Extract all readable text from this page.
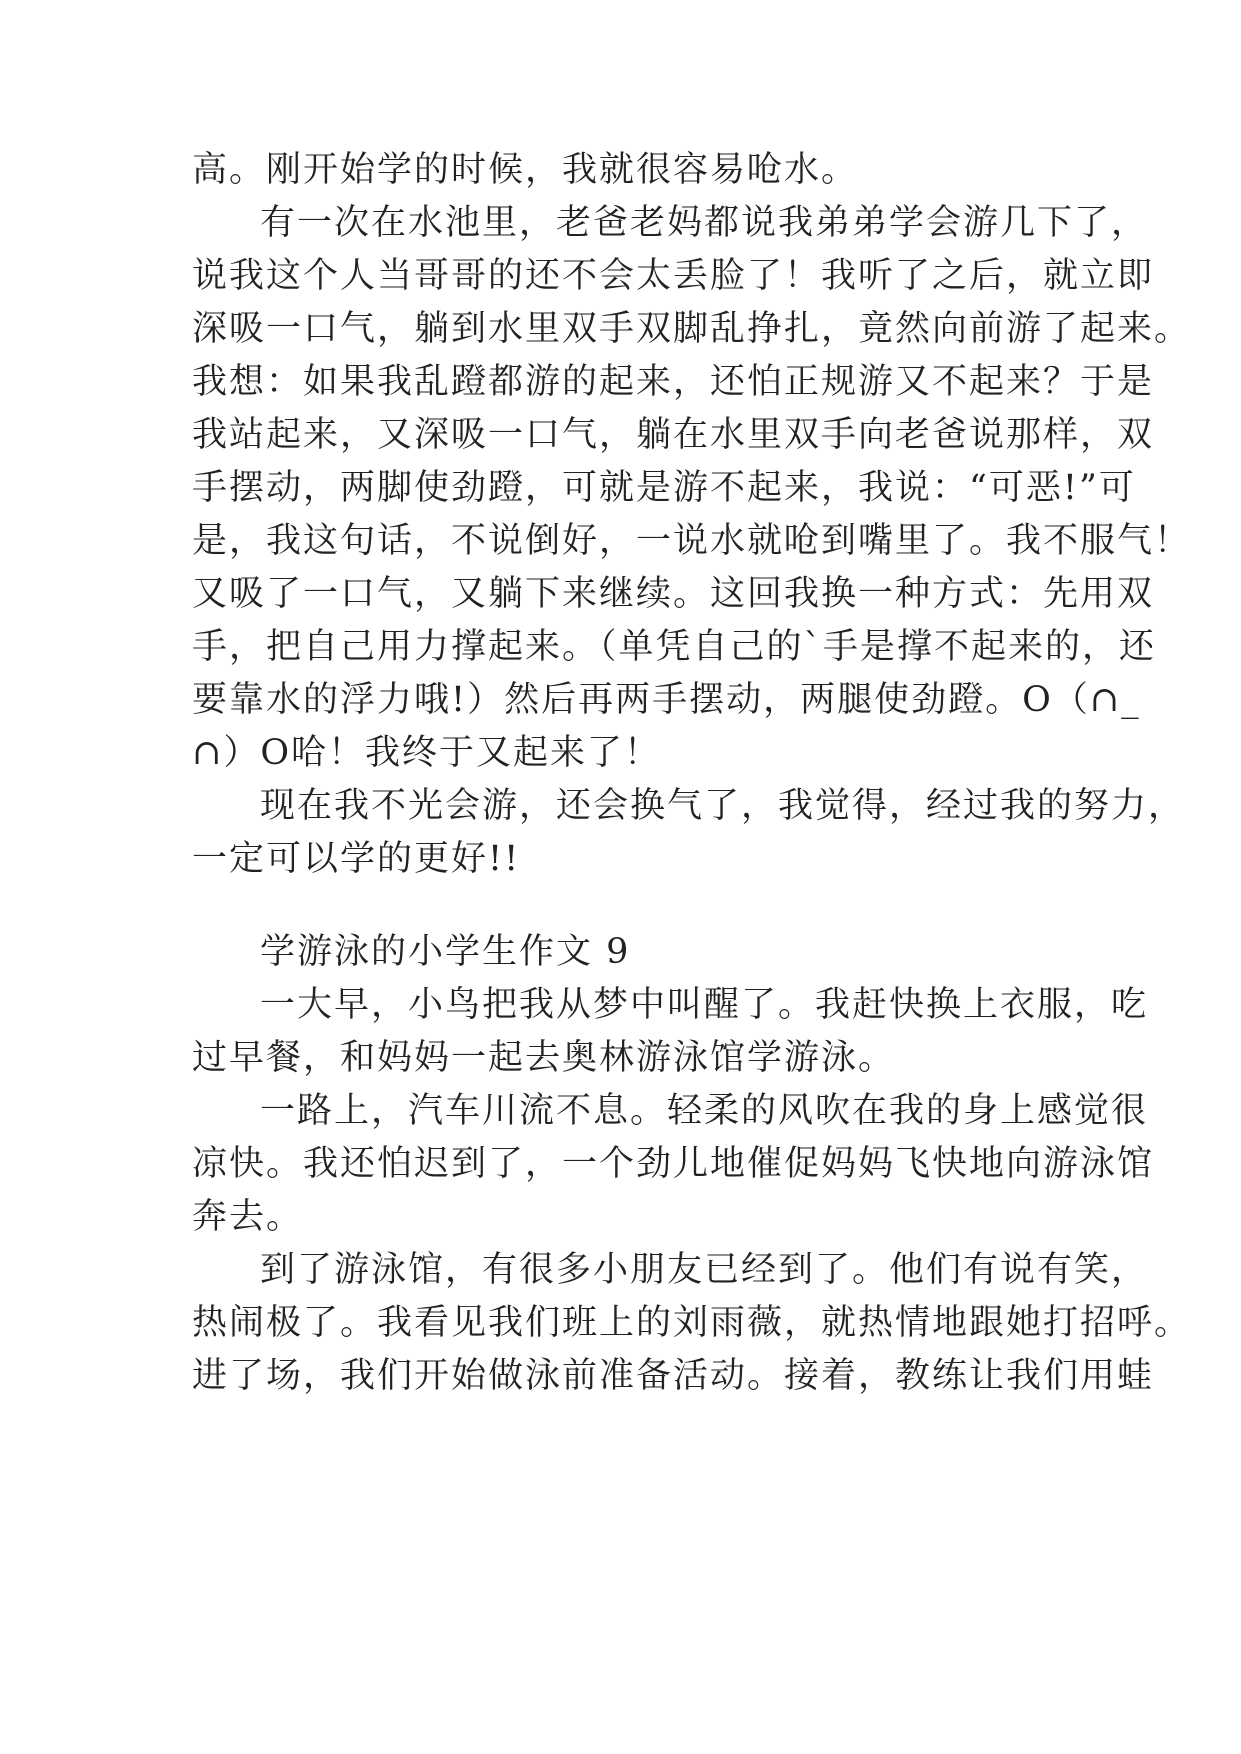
高。刚开始学的时候，我就很容易呛水。
有一次在水池里，老爸老妈都说我弟弟学会游几下了，
说我这个人当哥哥的还不会太丢脸了！我听了之后，就立即
深吸一口气，躺到水里双手双脚乱挣扎，竟然向前游了起来。
我想：如果我乱蹬都游的起来，还怕正规游又不起来？于是
我站起来，又深吸一口气，躺在水里双手向老爸说那样，双
手摆动，两脚使劲蹬，可就是游不起来，我说：“可恶!”可
是，我这句话，不说倒好，一说水就呛到嘴里了。我不服气！
又吸了一口气，又躺下来继续。这回我换一种方式：先用双
手，把自己用力撑起来。（单凭自己的`手是撑不起来的，还
要靠水的浮力哦!）然后再两手摆动，两腿使劲蹬。O（∩_
∩）O哈！我终于又起来了！
现在我不光会游，还会换气了，我觉得，经过我的努力，
一定可以学的更好!!
学游泳的小学生作文 9
一大早，小鸟把我从梦中叫醒了。我赶快换上衣服，吃
过早餐，和妈妈一起去奥林游泳馆学游泳。
一路上，汽车川流不息。轻柔的风吹在我的身上感觉很
凉快。我还怕迟到了，一个劲儿地催促妈妈飞快地向游泳馆
奔去。
到了游泳馆，有很多小朋友已经到了。他们有说有笑，
热闹极了。我看见我们班上的刘雨薇，就热情地跟她打招呼。
进了场，我们开始做泳前准备活动。接着，教练让我们用蛙
